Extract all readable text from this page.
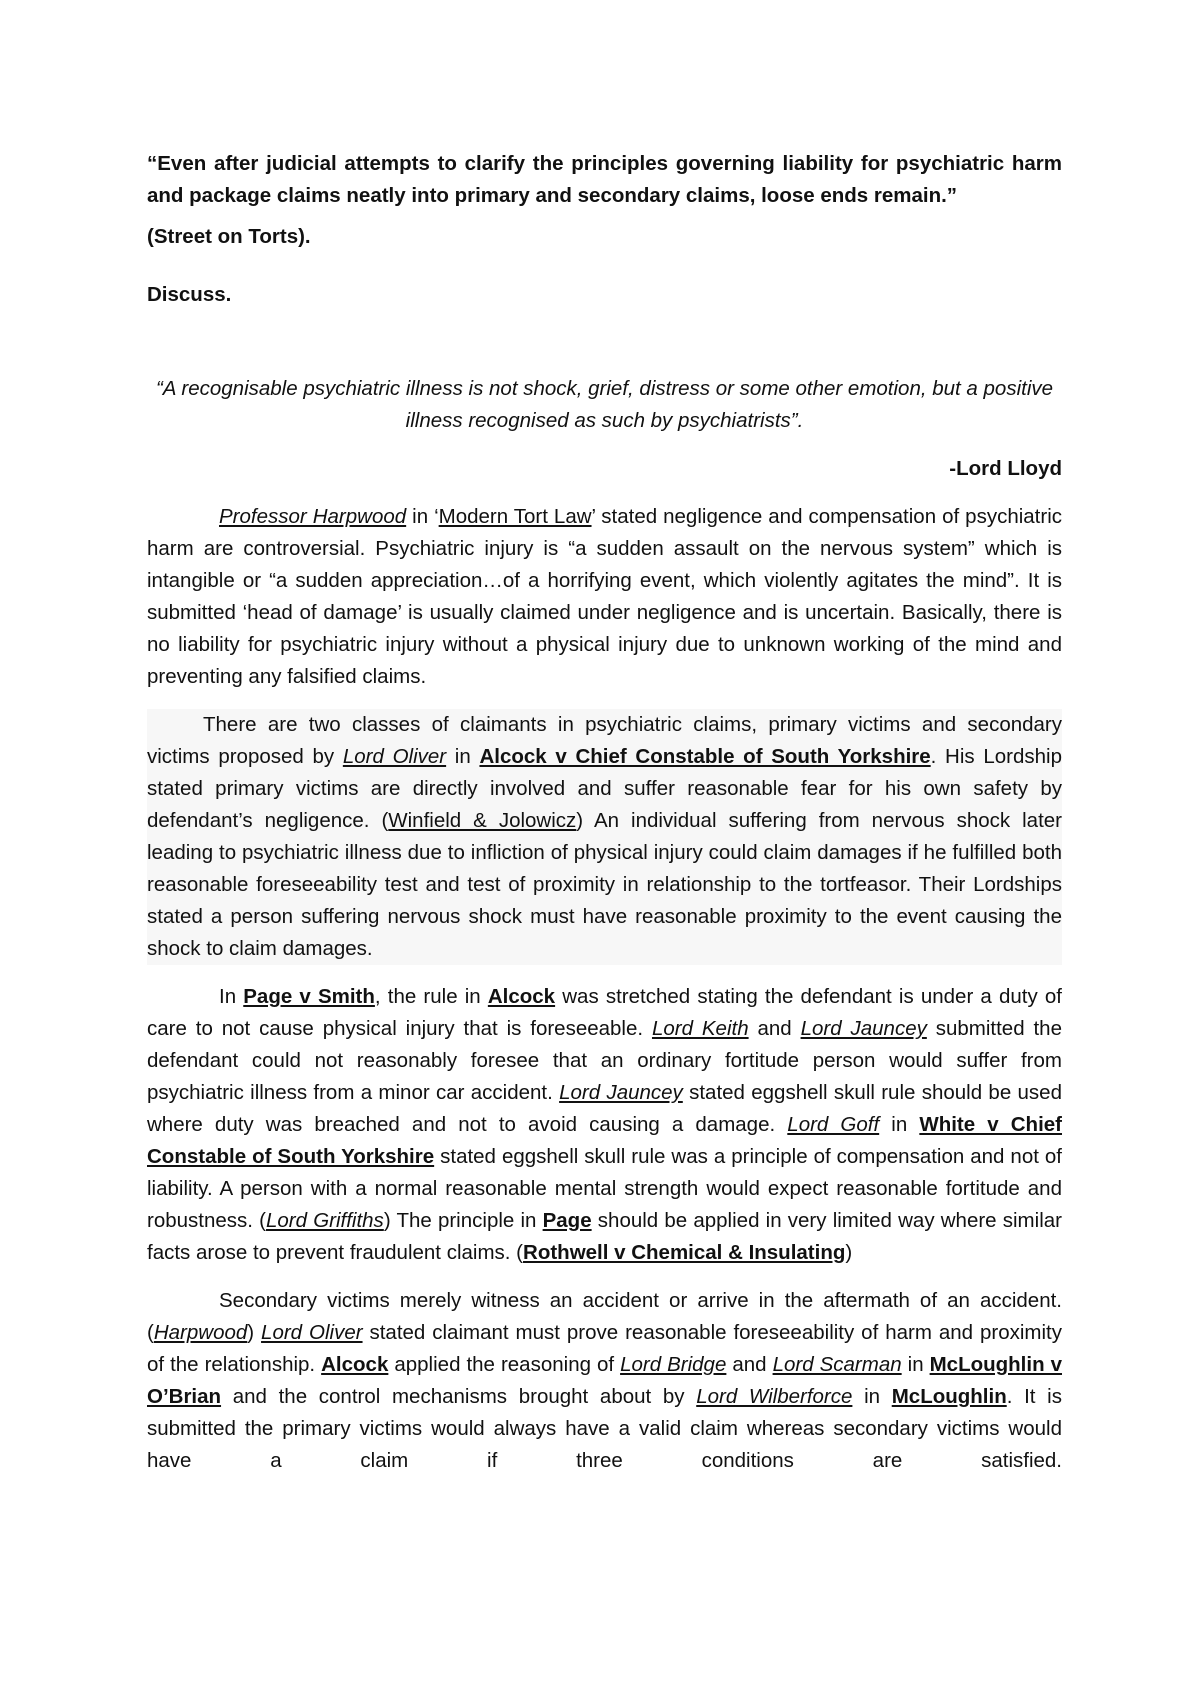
“Even after judicial attempts to clarify the principles governing liability for psychiatric harm and package claims neatly into primary and secondary claims, loose ends remain.”

(Street on Torts).

Discuss.

“A recognisable psychiatric illness is not shock, grief, distress or some other emotion, but a positive illness recognised as such by psychiatrists”.
-Lord Lloyd

Professor Harpwood in ‘Modern Tort Law’ stated negligence and compensation of psychiatric harm are controversial. Psychiatric injury is “a sudden assault on the nervous system” which is intangible or “a sudden appreciation…of a horrifying event, which violently agitates the mind”. It is submitted ‘head of damage’ is usually claimed under negligence and is uncertain. Basically, there is no liability for psychiatric injury without a physical injury due to unknown working of the mind and preventing any falsified claims.

There are two classes of claimants in psychiatric claims, primary victims and secondary victims proposed by Lord Oliver in Alcock v Chief Constable of South Yorkshire. His Lordship stated primary victims are directly involved and suffer reasonable fear for his own safety by defendant’s negligence. (Winfield & Jolowicz) An individual suffering from nervous shock later leading to psychiatric illness due to infliction of physical injury could claim damages if he fulfilled both reasonable foreseeability test and test of proximity in relationship to the tortfeasor. Their Lordships stated a person suffering nervous shock must have reasonable proximity to the event causing the shock to claim damages.

In Page v Smith, the rule in Alcock was stretched stating the defendant is under a duty of care to not cause physical injury that is foreseeable. Lord Keith and Lord Jauncey submitted the defendant could not reasonably foresee that an ordinary fortitude person would suffer from psychiatric illness from a minor car accident. Lord Jauncey stated eggshell skull rule should be used where duty was breached and not to avoid causing a damage. Lord Goff in White v Chief Constable of South Yorkshire stated eggshell skull rule was a principle of compensation and not of liability. A person with a normal reasonable mental strength would expect reasonable fortitude and robustness. (Lord Griffiths) The principle in Page should be applied in very limited way where similar facts arose to prevent fraudulent claims. (Rothwell v Chemical & Insulating)

Secondary victims merely witness an accident or arrive in the aftermath of an accident. (Harpwood) Lord Oliver stated claimant must prove reasonable foreseeability of harm and proximity of the relationship. Alcock applied the reasoning of Lord Bridge and Lord Scarman in McLoughlin v O’Brian and the control mechanisms brought about by Lord Wilberforce in McLoughlin. It is submitted the primary victims would always have a valid claim whereas secondary victims would have a claim if three conditions are satisfied.
